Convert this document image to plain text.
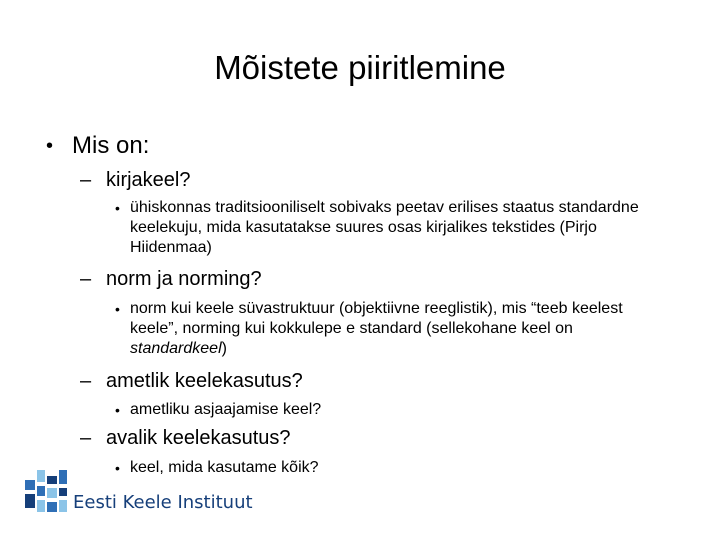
Mõistete piiritlemine
• Mis on:
– kirjakeel?
• ühiskonnas traditsiooniliselt sobivaks peetav erilises staatus standardne keelekuju, mida kasutatakse suures osas kirjalikes tekstides (Pirjo Hiidenmaa)
– norm ja norming?
• norm kui keele süvastruktuur (objektiivne reeglistik), mis “teeb keelest keele”, norming kui kokkulepe e standard (sellekohane keel on standardkeel)
– ametlik keelekasutus?
• ametliku asjaajamise keel?
– avalik keelekasutus?
• keel, mida kasutame kõik?
Eesti Keele Instituut
